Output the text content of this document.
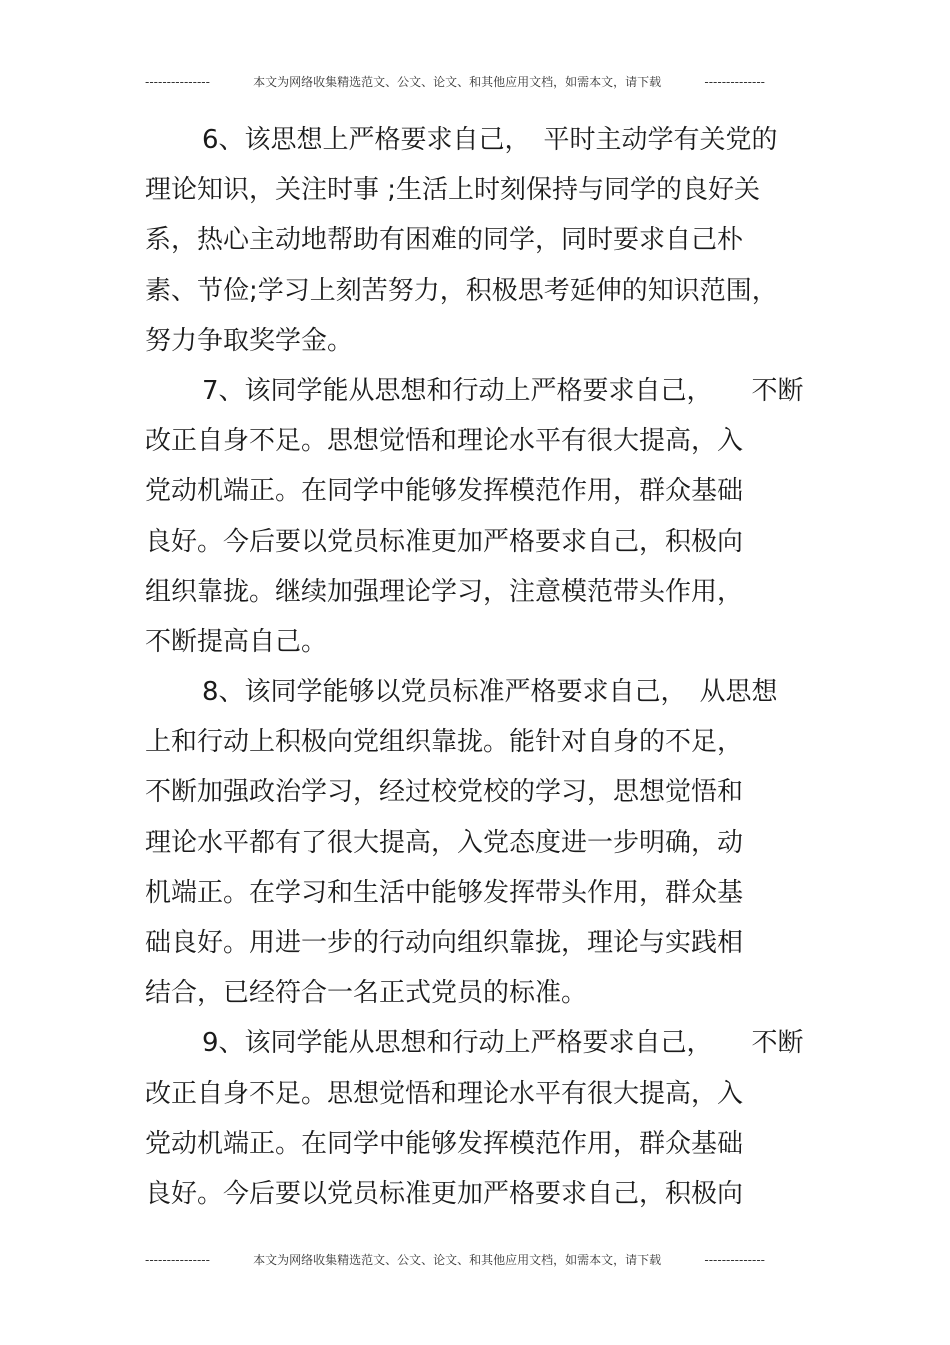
---------------	本文为网络收集精选范文、公文、论文、和其他应用文档，如需本文，请下载	--------------
6、该思想上严格要求自己，　平时主动学有关党的
理论知识，关注时事 ;生活上时刻保持与同学的良好关
系，热心主动地帮助有困难的同学，同时要求自己朴
素、节俭;学习上刻苦努力，积极思考延伸的知识范围，
努力争取奖学金。
7、该同学能从思想和行动上严格要求自己，　　不断
改正自身不足。思想觉悟和理论水平有很大提高，入
党动机端正。在同学中能够发挥模范作用，群众基础
良好。今后要以党员标准更加严格要求自己，积极向
组织靠拢。继续加强理论学习，注意模范带头作用，
不断提高自己。
8、该同学能够以党员标准严格要求自己，　从思想
上和行动上积极向党组织靠拢。能针对自身的不足，
不断加强政治学习，经过校党校的学习，思想觉悟和
理论水平都有了很大提高，入党态度进一步明确，动
机端正。在学习和生活中能够发挥带头作用，群众基
础良好。用进一步的行动向组织靠拢，理论与实践相
结合，已经符合一名正式党员的标准。
9、该同学能从思想和行动上严格要求自己，　　不断
改正自身不足。思想觉悟和理论水平有很大提高，入
党动机端正。在同学中能够发挥模范作用，群众基础
良好。今后要以党员标准更加严格要求自己，积极向
---------------	本文为网络收集精选范文、公文、论文、和其他应用文档，如需本文，请下载	--------------
